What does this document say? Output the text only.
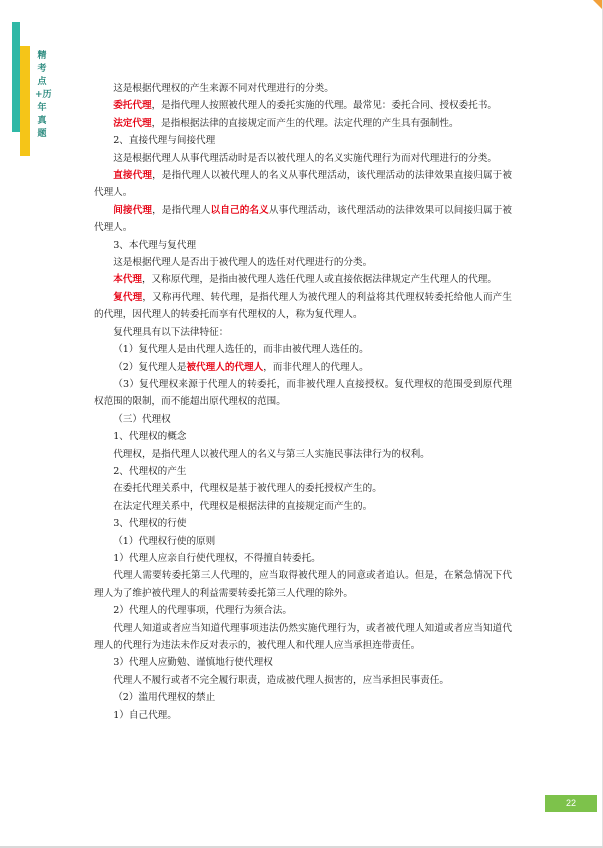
精考点+历年真题

这是根据代理权的产生来源不同对代理进行的分类。

委托代理，是指代理人按照被代理人的委托实施的代理。最常见：委托合同、授权委托书。

法定代理，是指根据法律的直接规定而产生的代理。法定代理的产生具有强制性。

2、直接代理与间接代理

这是根据代理人从事代理活动时是否以被代理人的名义实施代理行为而对代理进行的分类。

直接代理，是指代理人以被代理人的名义从事代理活动，该代理活动的法律效果直接归属于被代理人。

间接代理，是指代理人以自己的名义从事代理活动，该代理活动的法律效果可以间接归属于被代理人。

3、本代理与复代理

这是根据代理人是否出于被代理人的选任对代理进行的分类。

本代理，又称原代理，是指由被代理人选任代理人或直接依据法律规定产生代理人的代理。

复代理，又称再代理、转代理，是指代理人为被代理人的利益将其代理权转委托给他人而产生的代理，因代理人的转委托而享有代理权的人，称为复代理人。

复代理具有以下法律特征：

（1）复代理人是由代理人选任的，而非由被代理人选任的。

（2）复代理人是被代理人的代理人，而非代理人的代理人。

（3）复代理权来源于代理人的转委托，而非被代理人直接授权。复代理权的范围受到原代理权范围的限制，而不能超出原代理权的范围。

（三）代理权

1、代理权的概念

代理权，是指代理人以被代理人的名义与第三人实施民事法律行为的权利。

2、代理权的产生

在委托代理关系中，代理权是基于被代理人的委托授权产生的。

在法定代理关系中，代理权是根据法律的直接规定而产生的。

3、代理权的行使

（1）代理权行使的原则

1）代理人应亲自行使代理权，不得擅自转委托。

代理人需要转委托第三人代理的，应当取得被代理人的同意或者追认。但是，在紧急情况下代理人为了维护被代理人的利益需要转委托第三人代理的除外。

2）代理人的代理事项，代理行为须合法。

代理人知道或者应当知道代理事项违法仍然实施代理行为，或者被代理人知道或者应当知道代理人的代理行为违法未作反对表示的，被代理人和代理人应当承担连带责任。

3）代理人应勤勉、谨慎地行使代理权

代理人不履行或者不完全履行职责，造成被代理人损害的，应当承担民事责任。

（2）滥用代理权的禁止

1）自己代理。

22
